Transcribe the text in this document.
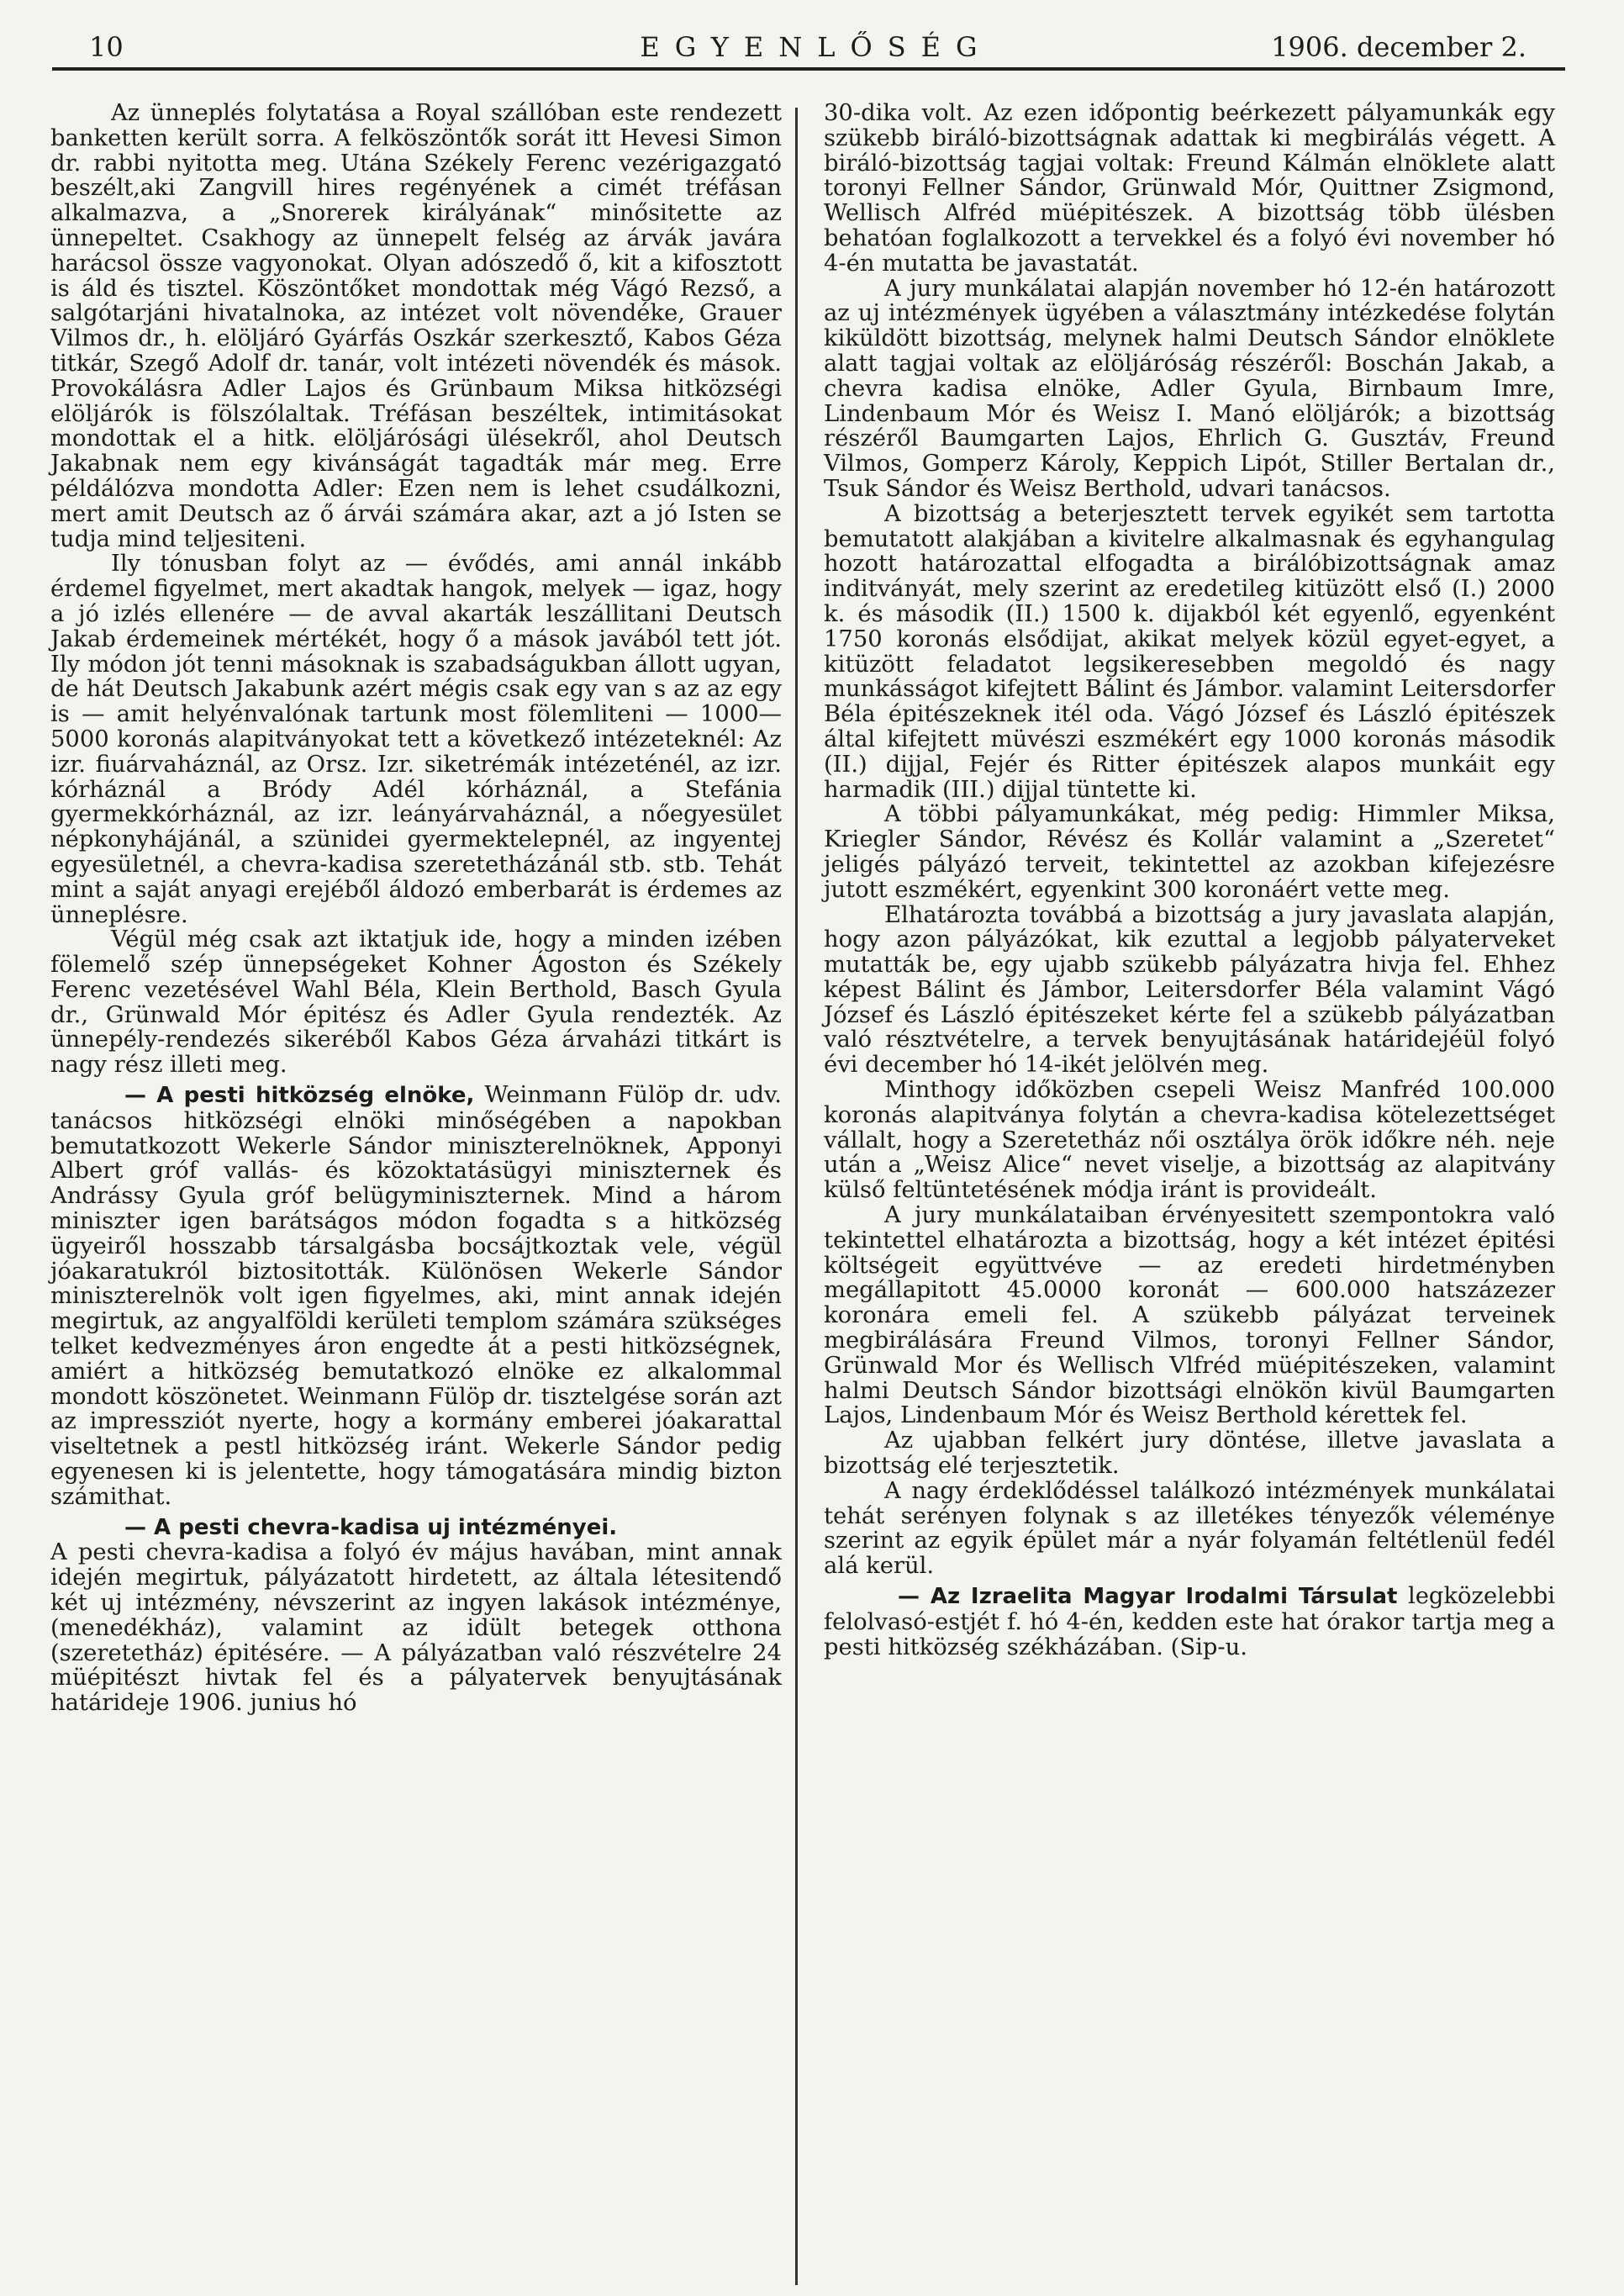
10	EGYENLŐSÉG	1906. december 2.

Az ünneplés folytatása a Royal szállóban este rendezett banketten került sorra. A felköszöntők sorát itt Hevesi Simon dr. rabbi nyitotta meg. Utána Székely Ferenc vezérigazgató beszélt,aki Zangvill hires regényének a cimét tréfásan alkalmazva, a „Snorerek királyának“ minősitette az ünnepeltet. Csakhogy az ünnepelt felség az árvák javára harácsol össze vagyonokat. Olyan adószedő ő, kit a kifosztott is áld és tisztel. Köszöntőket mondottak még Vágó Rezső, a salgótarjáni hivatalnoka, az intézet volt növendéke, Grauer Vilmos dr., h. elöljáró Gyárfás Oszkár szerkesztő, Kabos Géza titkár, Szegő Adolf dr. tanár, volt intézeti növendék és mások. Provokálásra Adler Lajos és Grünbaum Miksa hitközségi elöljárók is fölszólaltak. Tréfásan beszéltek, intimitásokat mondottak el a hitk. elöljárósági ülésekről, ahol Deutsch Jakabnak nem egy kivánságát tagadták már meg. Erre példálózva mondotta Adler: Ezen nem is lehet csudálkozni, mert amit Deutsch az ő árvái számára akar, azt a jó Isten se tudja mind teljesiteni.

Ily tónusban folyt az — évődés, ami annál inkább érdemel figyelmet, mert akadtak hangok, melyek — igaz, hogy a jó izlés ellenére — de avval akarták leszállitani Deutsch Jakab érdemeinek mértékét, hogy ő a mások javából tett jót. Ily módon jót tenni másoknak is szabadságukban állott ugyan, de hát Deutsch Jakabunk azért mégis csak egy van s az az egy is — amit helyénvalónak tartunk most fölemliteni — 1000—5000 koronás alapitványokat tett a következő intézeteknél: Az izr. fiuárvaháznál, az Orsz. Izr. siketrémák intézeténél, az izr. kórháznál a Bródy Adél kórháznál, a Stefánia gyermekkórháznál, az izr. leányárvaháznál, a nőegyesület népkonyhájánál, a szünidei gyermektelepnél, az ingyentej egyesületnél, a chevra-kadisa szeretetházánál stb. stb. Tehát mint a saját anyagi erejéből áldozó emberbarát is érdemes az ünneplésre.

Végül még csak azt iktatjuk ide, hogy a minden izében fölemelő szép ünnepségeket Kohner Ágoston és Székely Ferenc vezetésével Wahl Béla, Klein Berthold, Basch Gyula dr., Grünwald Mór épitész és Adler Gyula rendezték. Az ünnepély-rendezés sikeréből Kabos Géza árvaházi titkárt is nagy rész illeti meg.

— A pesti hitközség elnöke, Weinmann Fülöp dr. udv. tanácsos hitközségi elnöki minőségében a napokban bemutatkozott Wekerle Sándor miniszterelnöknek, Apponyi Albert gróf vallás- és közoktatásügyi miniszternek és Andrássy Gyula gróf belügyminiszternek. Mind a három miniszter igen barátságos módon fogadta s a hitközség ügyeiről hosszabb társalgásba bocsájtkoztak vele, végül jóakaratukról biztositották. Különösen Wekerle Sándor miniszterelnök volt igen figyelmes, aki, mint annak idején megirtuk, az angyalföldi kerületi templom számára szükséges telket kedvezményes áron engedte át a pesti hitközségnek, amiért a hitközség bemutatkozó elnöke ez alkalommal mondott köszönetet. Weinmann Fülöp dr. tisztelgése során azt az impressziót nyerte, hogy a kormány emberei jóakarattal viseltetnek a pestl hitközség iránt. Wekerle Sándor pedig egyenesen ki is jelentette, hogy támogatására mindig bizton számithat.

— A pesti chevra-kadisa uj intézményei.

A pesti chevra-kadisa a folyó év május havában, mint annak idején megirtuk, pályázatott hirdetett, az általa létesitendő két uj intézmény, névszerint az ingyen lakások intézménye, (menedékház), valamint az idült betegek otthona (szeretetház) épitésére. — A pályázatban való részvételre 24 müépitészt hivtak fel és a pályatervek benyujtásának határideje 1906. junius hó

30-dika volt. Az ezen időpontig beérkezett pályamunkák egy szükebb biráló-bizottságnak adattak ki megbirálás végett. A biráló-bizottság tagjai voltak: Freund Kálmán elnöklete alatt toronyi Fellner Sándor, Grünwald Mór, Quittner Zsigmond, Wellisch Alfréd müépitészek. A bizottság több ülésben behatóan foglalkozott a tervekkel és a folyó évi november hó 4-én mutatta be javastatát.

A jury munkálatai alapján november hó 12-én határozott az uj intézmények ügyében a választmány intézkedése folytán kiküldött bizottság, melynek halmi Deutsch Sándor elnöklete alatt tagjai voltak az elöljáróság részéről: Boschán Jakab, a chevra kadisa elnöke, Adler Gyula, Birnbaum Imre, Lindenbaum Mór és Weisz I. Manó elöljárók; a bizottság részéről Baumgarten Lajos, Ehrlich G. Gusztáv, Freund Vilmos, Gomperz Károly, Keppich Lipót, Stiller Bertalan dr., Tsuk Sándor és Weisz Berthold, udvari tanácsos.

A bizottság a beterjesztett tervek egyikét sem tartotta bemutatott alakjában a kivitelre alkalmasnak és egyhangulag hozott határozattal elfogadta a birálóbizottságnak amaz inditványát, mely szerint az eredetileg kitüzött első (I.) 2000 k. és második (II.) 1500 k. dijakból két egyenlő, egyenként 1750 koronás elsődijat, akikat melyek közül egyet-egyet, a kitüzött feladatot legsikeresebben megoldó és nagy munkásságot kifejtett Bálint és Jámbor. valamint Leitersdorfer Béla épitészeknek itél oda. Vágó József és László épitészek által kifejtett müvészi eszmékért egy 1000 koronás második (II.) dijjal, Fejér és Ritter épitészek alapos munkáit egy harmadik (III.) dijjal tüntette ki.

A többi pályamunkákat, még pedig: Himmler Miksa, Kriegler Sándor, Révész és Kollár valamint a „Szeretet“ jeligés pályázó terveit, tekintettel az azokban kifejezésre jutott eszmékért, egyenkint 300 koronáért vette meg.

Elhatározta továbbá a bizottság a jury javaslata alapján, hogy azon pályázókat, kik ezuttal a legjobb pályaterveket mutatták be, egy ujabb szükebb pályázatra hivja fel. Ehhez képest Bálint és Jámbor, Leitersdorfer Béla valamint Vágó József és László épitészeket kérte fel a szükebb pályázatban való résztvételre, a tervek benyujtásának határidejéül folyó évi december hó 14-ikét jelölvén meg.

Minthogy időközben csepeli Weisz Manfréd 100.000 koronás alapitványa folytán a chevra-kadisa kötelezettséget vállalt, hogy a Szeretetház női osztálya örök időkre néh. neje után a „Weisz Alice“ nevet viselje, a bizottság az alapitvány külső feltüntetésének módja iránt is provideált.

A jury munkálataiban érvényesitett szempontokra való tekintettel elhatározta a bizottság, hogy a két intézet épitési költségeit együttvéve — az eredeti hirdetményben megállapitott 45.0000 koronát — 600.000 hatszázezer koronára emeli fel. A szükebb pályázat terveinek megbirálására Freund Vilmos, toronyi Fellner Sándor, Grünwald Mor és Wellisch Vlfréd müépitészeken, valamint halmi Deutsch Sándor bizottsági elnökön kivül Baumgarten Lajos, Lindenbaum Mór és Weisz Berthold kérettek fel.

Az ujabban felkért jury döntése, illetve javaslata a bizottság elé terjesztetik.

A nagy érdeklődéssel találkozó intézmények munkálatai tehát serényen folynak s az illetékes tényezők véleménye szerint az egyik épület már a nyár folyamán feltétlenül fedél alá kerül.

— Az Izraelita Magyar Irodalmi Társulat legközelebbi felolvasó-estjét f. hó 4-én, kedden este hat órakor tartja meg a pesti hitközség székházában. (Sip-u.
